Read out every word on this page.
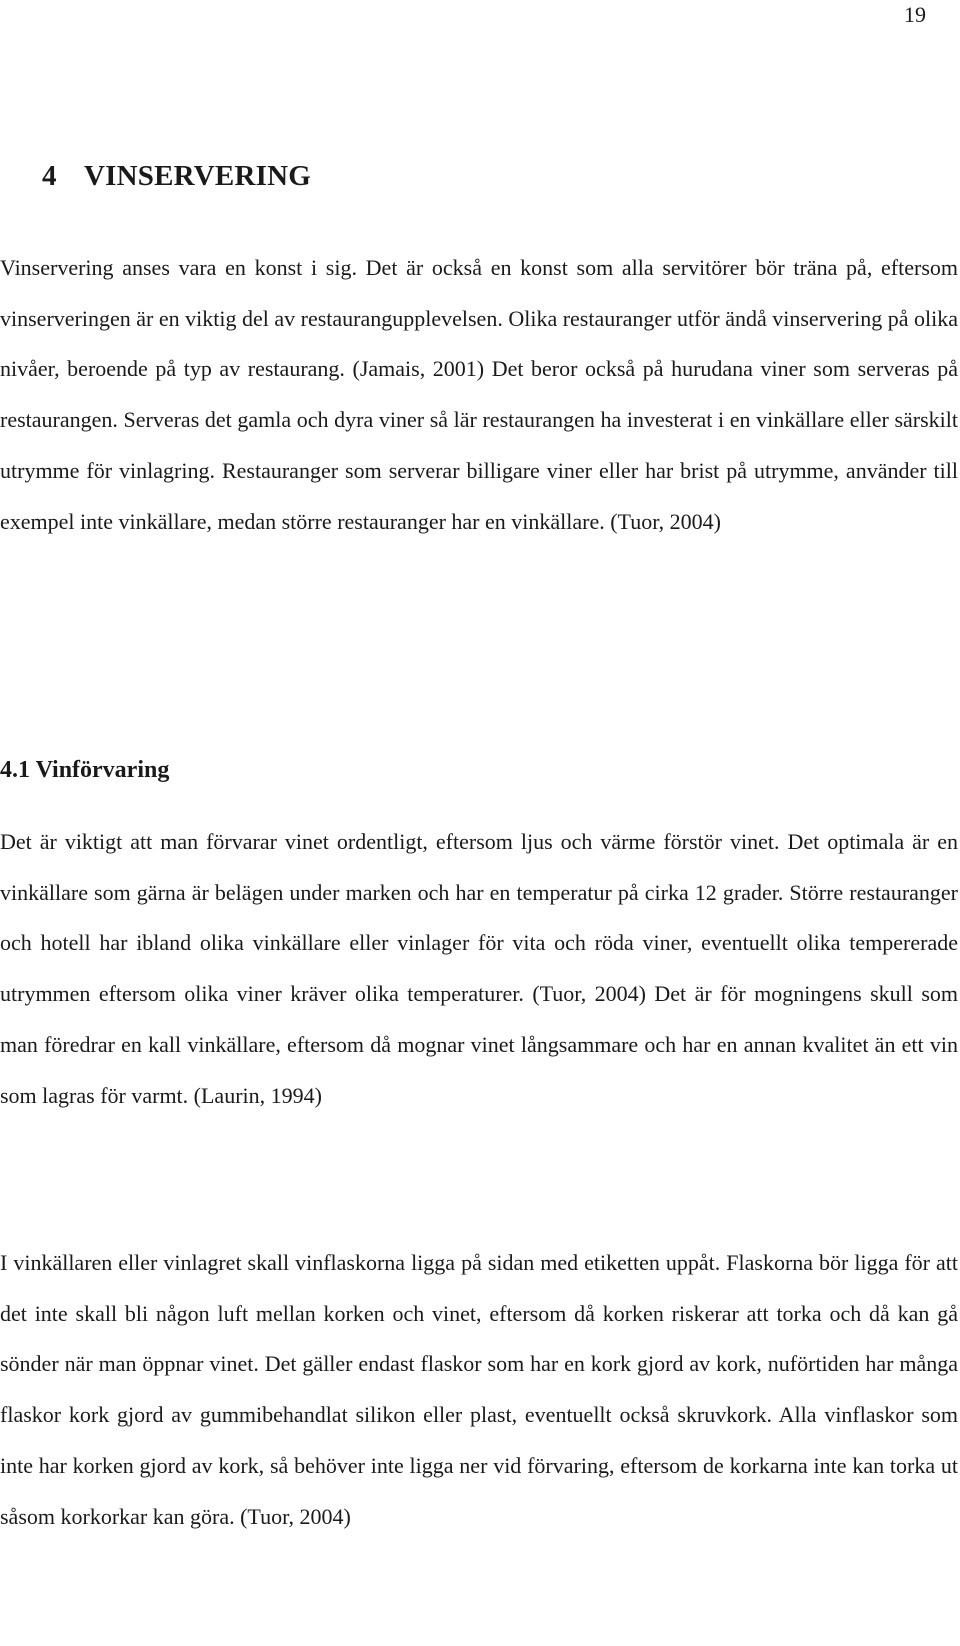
19
4 VINSERVERING

Vinservering anses vara en konst i sig. Det är också en konst som alla servitörer bör träna på, eftersom vinserveringen är en viktig del av restaurangupplevelsen. Olika restauranger utför ändå vinservering på olika nivåer, beroende på typ av restaurang. (Jamais, 2001) Det beror också på hurudana viner som serveras på restaurangen. Serveras det gamla och dyra viner så lär restaurangen ha investerat i en vinkällare eller särskilt utrymme för vinlagring. Restauranger som serverar billigare viner eller har brist på utrymme, använder till exempel inte vinkällare, medan större restauranger har en vinkällare. (Tuor, 2004)

4.1 Vinförvaring

Det är viktigt att man förvarar vinet ordentligt, eftersom ljus och värme förstör vinet. Det optimala är en vinkällare som gärna är belägen under marken och har en temperatur på cirka 12 grader. Större restauranger och hotell har ibland olika vinkällare eller vinlager för vita och röda viner, eventuellt olika tempererade utrymmen eftersom olika viner kräver olika temperaturer. (Tuor, 2004) Det är för mogningens skull som man föredrar en kall vinkällare, eftersom då mognar vinet långsammare och har en annan kvalitet än ett vin som lagras för varmt. (Laurin, 1994)

I vinkällaren eller vinlagret skall vinflaskorna ligga på sidan med etiketten uppåt. Flaskorna bör ligga för att det inte skall bli någon luft mellan korken och vinet, eftersom då korken riskerar att torka och då kan gå sönder när man öppnar vinet. Det gäller endast flaskor som har en kork gjord av kork, nuförtiden har många flaskor kork gjord av gummibehandlat silikon eller plast, eventuellt också skruvkork. Alla vinflaskor som inte har korken gjord av kork, så behöver inte ligga ner vid förvaring, eftersom de korkarna inte kan torka ut såsom korkorkar kan göra. (Tuor, 2004)
